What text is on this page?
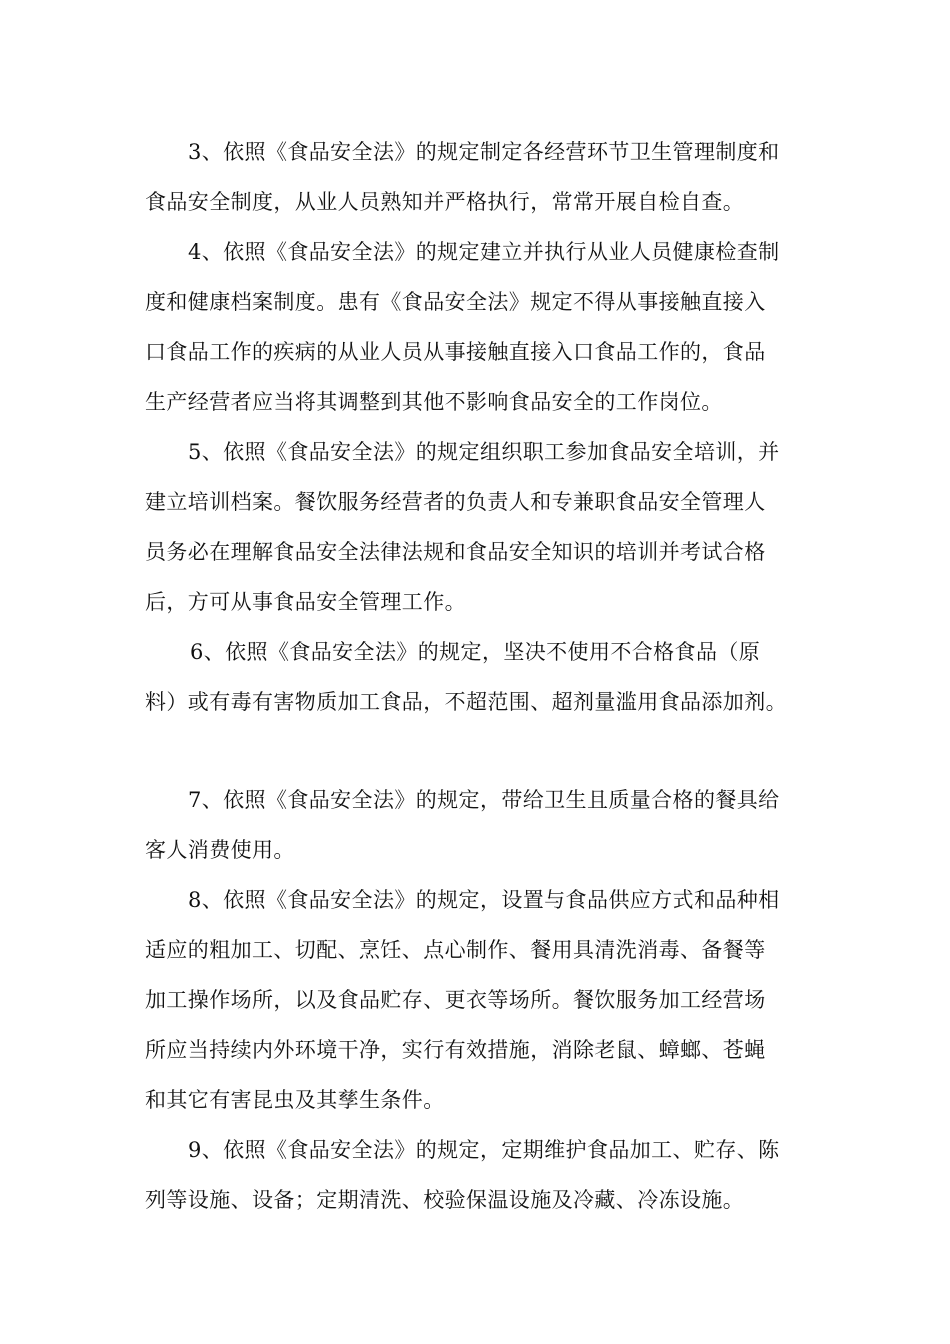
3、依照《食品安全法》的规定制定各经营环节卫生管理制度和
食品安全制度，从业人员熟知并严格执行，常常开展自检自查。
4、依照《食品安全法》的规定建立并执行从业人员健康检查制
度和健康档案制度。患有《食品安全法》规定不得从事接触直接入
口食品工作的疾病的从业人员从事接触直接入口食品工作的，食品
生产经营者应当将其调整到其他不影响食品安全的工作岗位。
5、依照《食品安全法》的规定组织职工参加食品安全培训，并
建立培训档案。餐饮服务经营者的负责人和专兼职食品安全管理人
员务必在理解食品安全法律法规和食品安全知识的培训并考试合格
后，方可从事食品安全管理工作。
6、依照《食品安全法》的规定，坚决不使用不合格食品（原
料）或有毒有害物质加工食品，不超范围、超剂量滥用食品添加剂。
7、依照《食品安全法》的规定，带给卫生且质量合格的餐具给
客人消费使用。
8、依照《食品安全法》的规定，设置与食品供应方式和品种相
适应的粗加工、切配、烹饪、点心制作、餐用具清洗消毒、备餐等
加工操作场所，以及食品贮存、更衣等场所。餐饮服务加工经营场
所应当持续内外环境干净，实行有效措施，消除老鼠、蟑螂、苍蝇
和其它有害昆虫及其孳生条件。
9、依照《食品安全法》的规定，定期维护食品加工、贮存、陈
列等设施、设备；定期清洗、校验保温设施及冷藏、冷冻设施。
